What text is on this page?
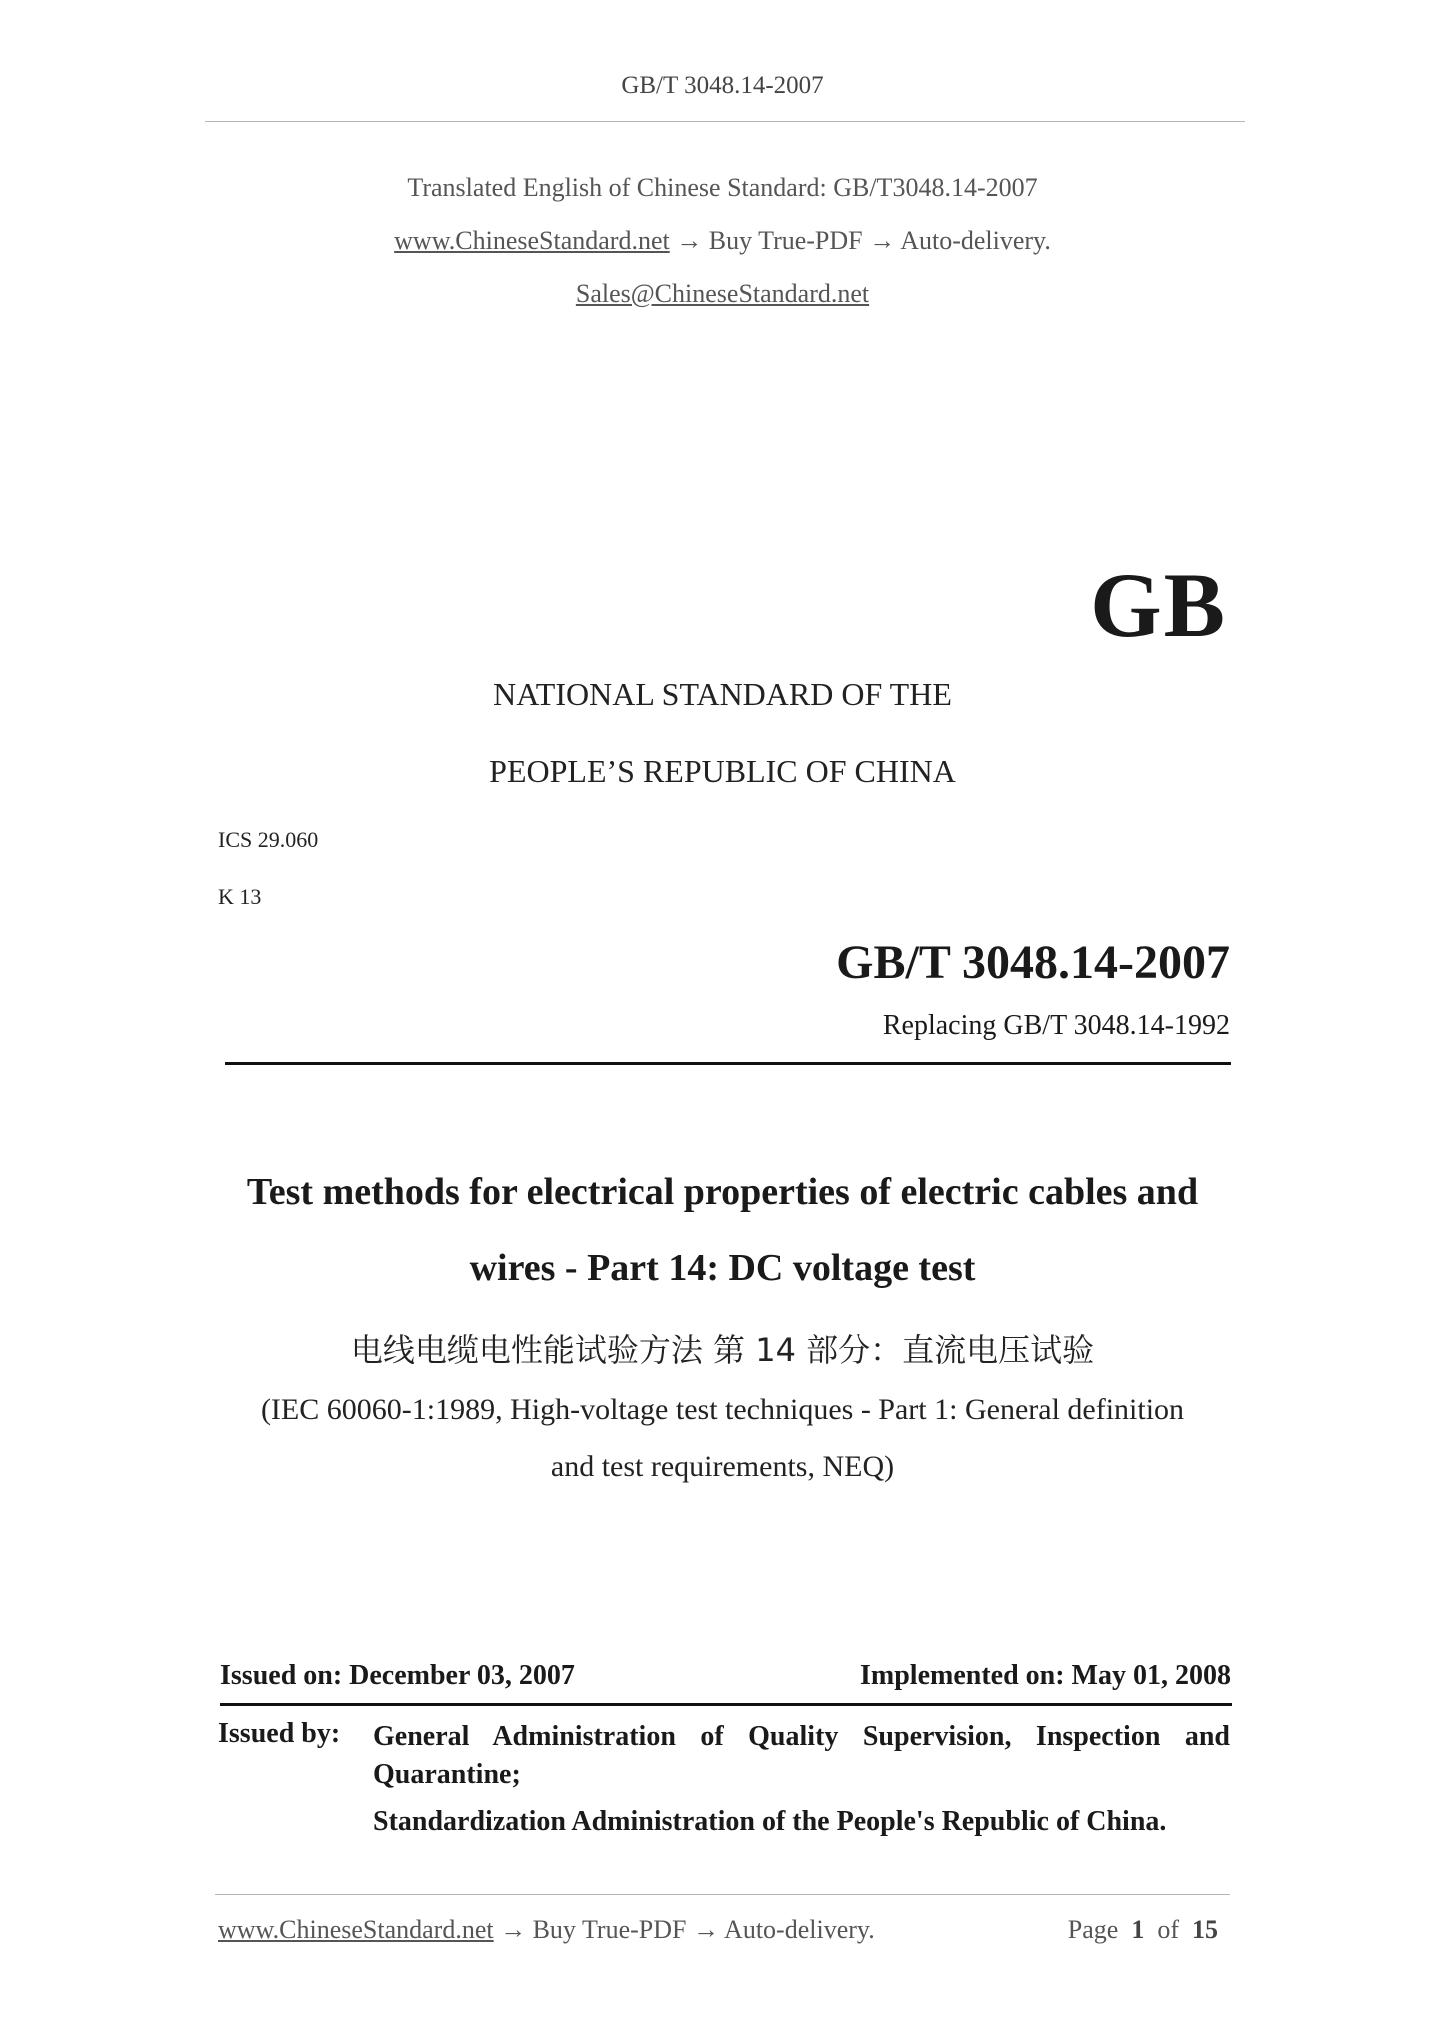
GB/T 3048.14-2007
Translated English of Chinese Standard: GB/T3048.14-2007
www.ChineseStandard.net → Buy True-PDF → Auto-delivery.
Sales@ChineseStandard.net
GB
NATIONAL STANDARD OF THE
PEOPLE’S REPUBLIC OF CHINA
ICS 29.060
K 13
GB/T 3048.14-2007
Replacing GB/T 3048.14-1992
Test methods for electrical properties of electric cables and
wires - Part 14: DC voltage test
电线电缆电性能试验方法 第 14 部分：直流电压试验
(IEC 60060-1:1989, High-voltage test techniques - Part 1: General definition
and test requirements, NEQ)
Issued on: December 03, 2007	Implemented on: May 01, 2008
Issued by:	General Administration of Quality Supervision, Inspection and Quarantine;
Standardization Administration of the People's Republic of China.
www.ChineseStandard.net → Buy True-PDF → Auto-delivery.	Page 1 of 15
